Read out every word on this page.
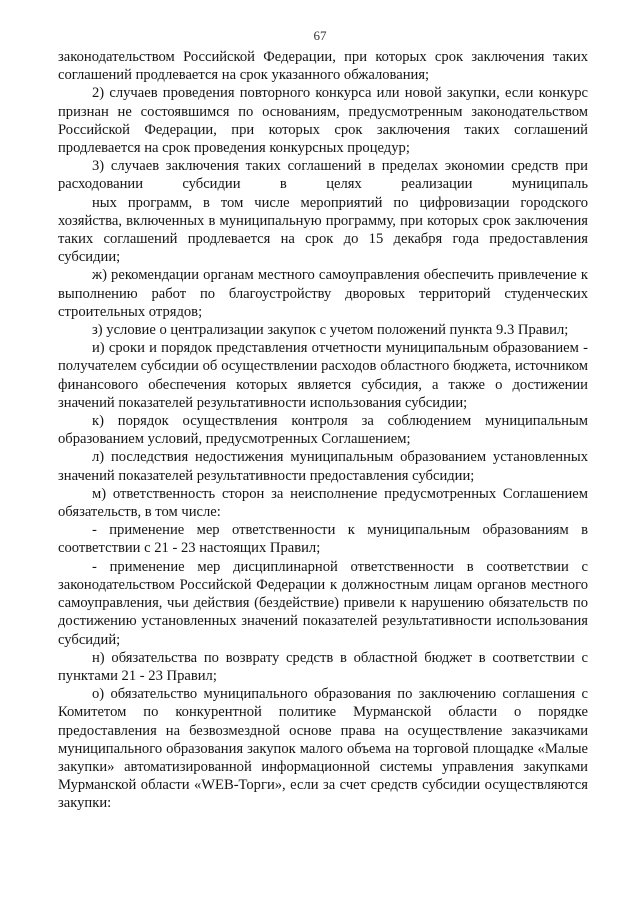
67

законодательством Российской Федерации, при которых срок заключения таких соглашений продлевается на срок указанного обжалования;

2) случаев проведения повторного конкурса или новой закупки, если конкурс признан не состоявшимся по основаниям, предусмотренным законодательством Российской Федерации, при которых срок заключения таких соглашений продлевается на срок проведения конкурсных процедур;

3) случаев заключения таких соглашений в пределах экономии средств при расходовании субсидии в целях реализации муниципаль

ных программ, в том числе мероприятий по цифровизации городского хозяйства, включенных в муниципальную программу, при которых срок заключения таких соглашений продлевается на срок до 15 декабря года предоставления субсидии;

ж) рекомендации органам местного самоуправления обеспечить привлечение к выполнению работ по благоустройству дворовых территорий студенческих строительных отрядов;

з) условие о централизации закупок с учетом положений пункта 9.3 Правил;

и) сроки и порядок представления отчетности муниципальным образованием - получателем субсидии об осуществлении расходов областного бюджета, источником финансового обеспечения которых является субсидия, а также о достижении значений показателей результативности использования субсидии;

к) порядок осуществления контроля за соблюдением муниципальным образованием условий, предусмотренных Соглашением;

л) последствия недостижения муниципальным образованием установленных значений показателей результативности предоставления субсидии;

м) ответственность сторон за неисполнение предусмотренных Соглашением обязательств, в том числе:

- применение мер ответственности к муниципальным образованиям в соответствии с 21 - 23 настоящих Правил;

- применение мер дисциплинарной ответственности в соответствии с законодательством Российской Федерации к должностным лицам органов местного самоуправления, чьи действия (бездействие) привели к нарушению обязательств по достижению установленных значений показателей результативности использования субсидий;

н) обязательства по возврату средств в областной бюджет в соответствии с пунктами 21 - 23 Правил;

о) обязательство муниципального образования по заключению соглашения с Комитетом по конкурентной политике Мурманской области о порядке предоставления на безвозмездной основе права на осуществление заказчиками муниципального образования закупок малого объема на торговой площадке «Малые закупки» автоматизированной информационной системы управления закупками Мурманской области «WEB-Торги», если за счет средств субсидии осуществляются закупки:
